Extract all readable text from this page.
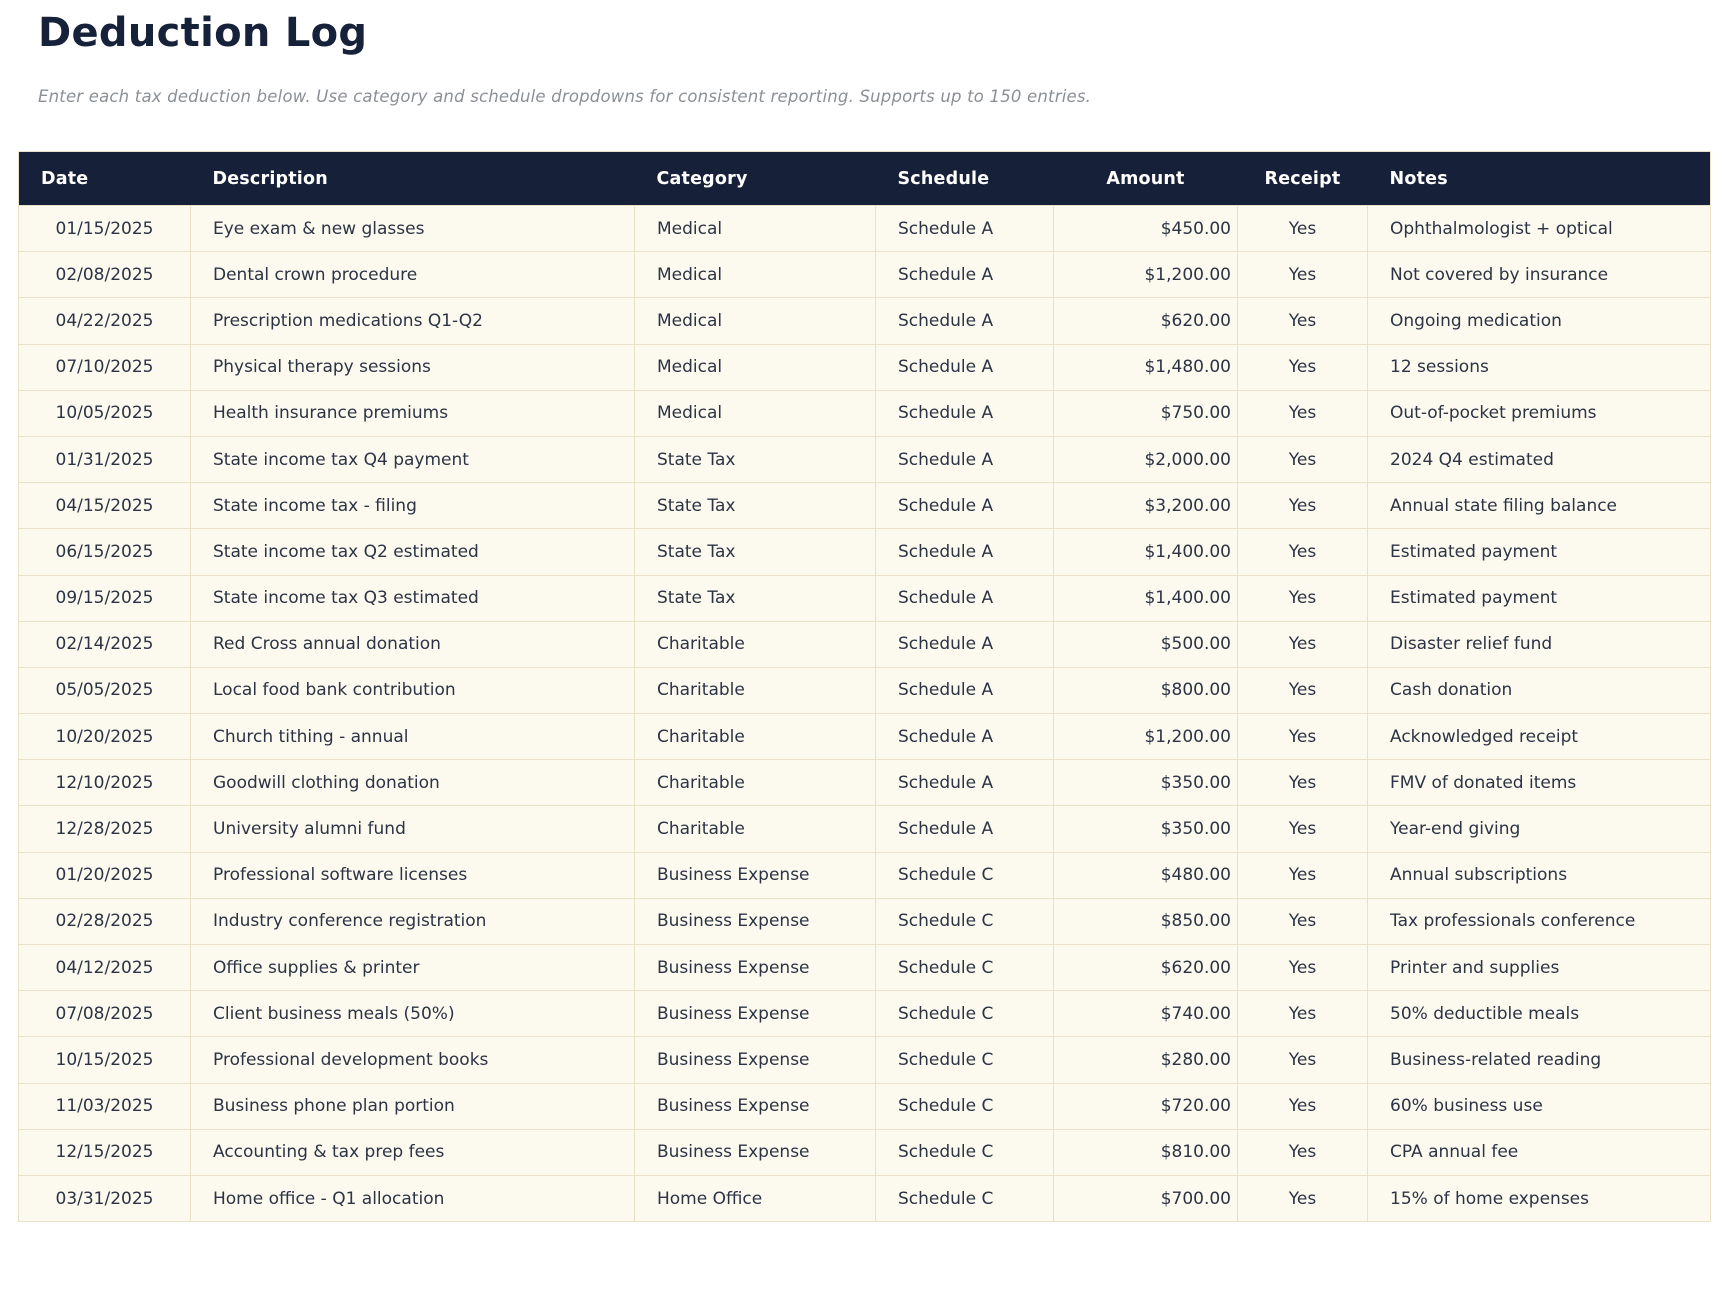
Deduction Log

Enter each tax deduction below. Use category and schedule dropdowns for consistent reporting. Supports up to 150 entries.

Date	Description	Category	Schedule	Amount	Receipt	Notes
01/15/2025	Eye exam & new glasses	Medical	Schedule A	$450.00	Yes	Ophthalmologist + optical
02/08/2025	Dental crown procedure	Medical	Schedule A	$1,200.00	Yes	Not covered by insurance
04/22/2025	Prescription medications Q1-Q2	Medical	Schedule A	$620.00	Yes	Ongoing medication
07/10/2025	Physical therapy sessions	Medical	Schedule A	$1,480.00	Yes	12 sessions
10/05/2025	Health insurance premiums	Medical	Schedule A	$750.00	Yes	Out-of-pocket premiums
01/31/2025	State income tax Q4 payment	State Tax	Schedule A	$2,000.00	Yes	2024 Q4 estimated
04/15/2025	State income tax - filing	State Tax	Schedule A	$3,200.00	Yes	Annual state filing balance
06/15/2025	State income tax Q2 estimated	State Tax	Schedule A	$1,400.00	Yes	Estimated payment
09/15/2025	State income tax Q3 estimated	State Tax	Schedule A	$1,400.00	Yes	Estimated payment
02/14/2025	Red Cross annual donation	Charitable	Schedule A	$500.00	Yes	Disaster relief fund
05/05/2025	Local food bank contribution	Charitable	Schedule A	$800.00	Yes	Cash donation
10/20/2025	Church tithing - annual	Charitable	Schedule A	$1,200.00	Yes	Acknowledged receipt
12/10/2025	Goodwill clothing donation	Charitable	Schedule A	$350.00	Yes	FMV of donated items
12/28/2025	University alumni fund	Charitable	Schedule A	$350.00	Yes	Year-end giving
01/20/2025	Professional software licenses	Business Expense	Schedule C	$480.00	Yes	Annual subscriptions
02/28/2025	Industry conference registration	Business Expense	Schedule C	$850.00	Yes	Tax professionals conference
04/12/2025	Office supplies & printer	Business Expense	Schedule C	$620.00	Yes	Printer and supplies
07/08/2025	Client business meals (50%)	Business Expense	Schedule C	$740.00	Yes	50% deductible meals
10/15/2025	Professional development books	Business Expense	Schedule C	$280.00	Yes	Business-related reading
11/03/2025	Business phone plan portion	Business Expense	Schedule C	$720.00	Yes	60% business use
12/15/2025	Accounting & tax prep fees	Business Expense	Schedule C	$810.00	Yes	CPA annual fee
03/31/2025	Home office - Q1 allocation	Home Office	Schedule C	$700.00	Yes	15% of home expenses
